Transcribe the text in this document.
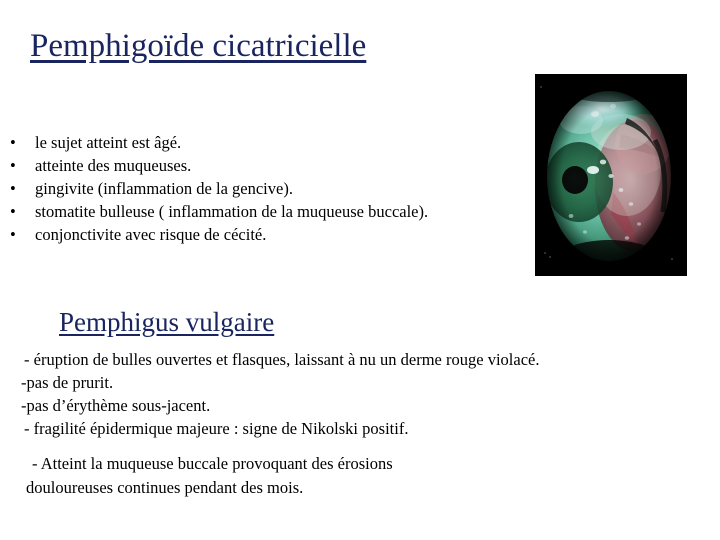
Pemphigoïde cicatricielle
• le sujet atteint est âgé.
• atteinte des muqueuses.
• gingivite (inflammation de la gencive).
• stomatite bulleuse ( inflammation de la muqueuse buccale).
• conjonctivite avec risque de cécité.
Pemphigus vulgaire
- éruption de bulles ouvertes et flasques, laissant à nu un derme rouge violacé.
-pas de prurit.
-pas d’érythème sous-jacent.
- fragilité épidermique majeure : signe de Nikolski positif.
- Atteint la muqueuse buccale provoquant des érosions
douloureuses continues pendant des mois.
